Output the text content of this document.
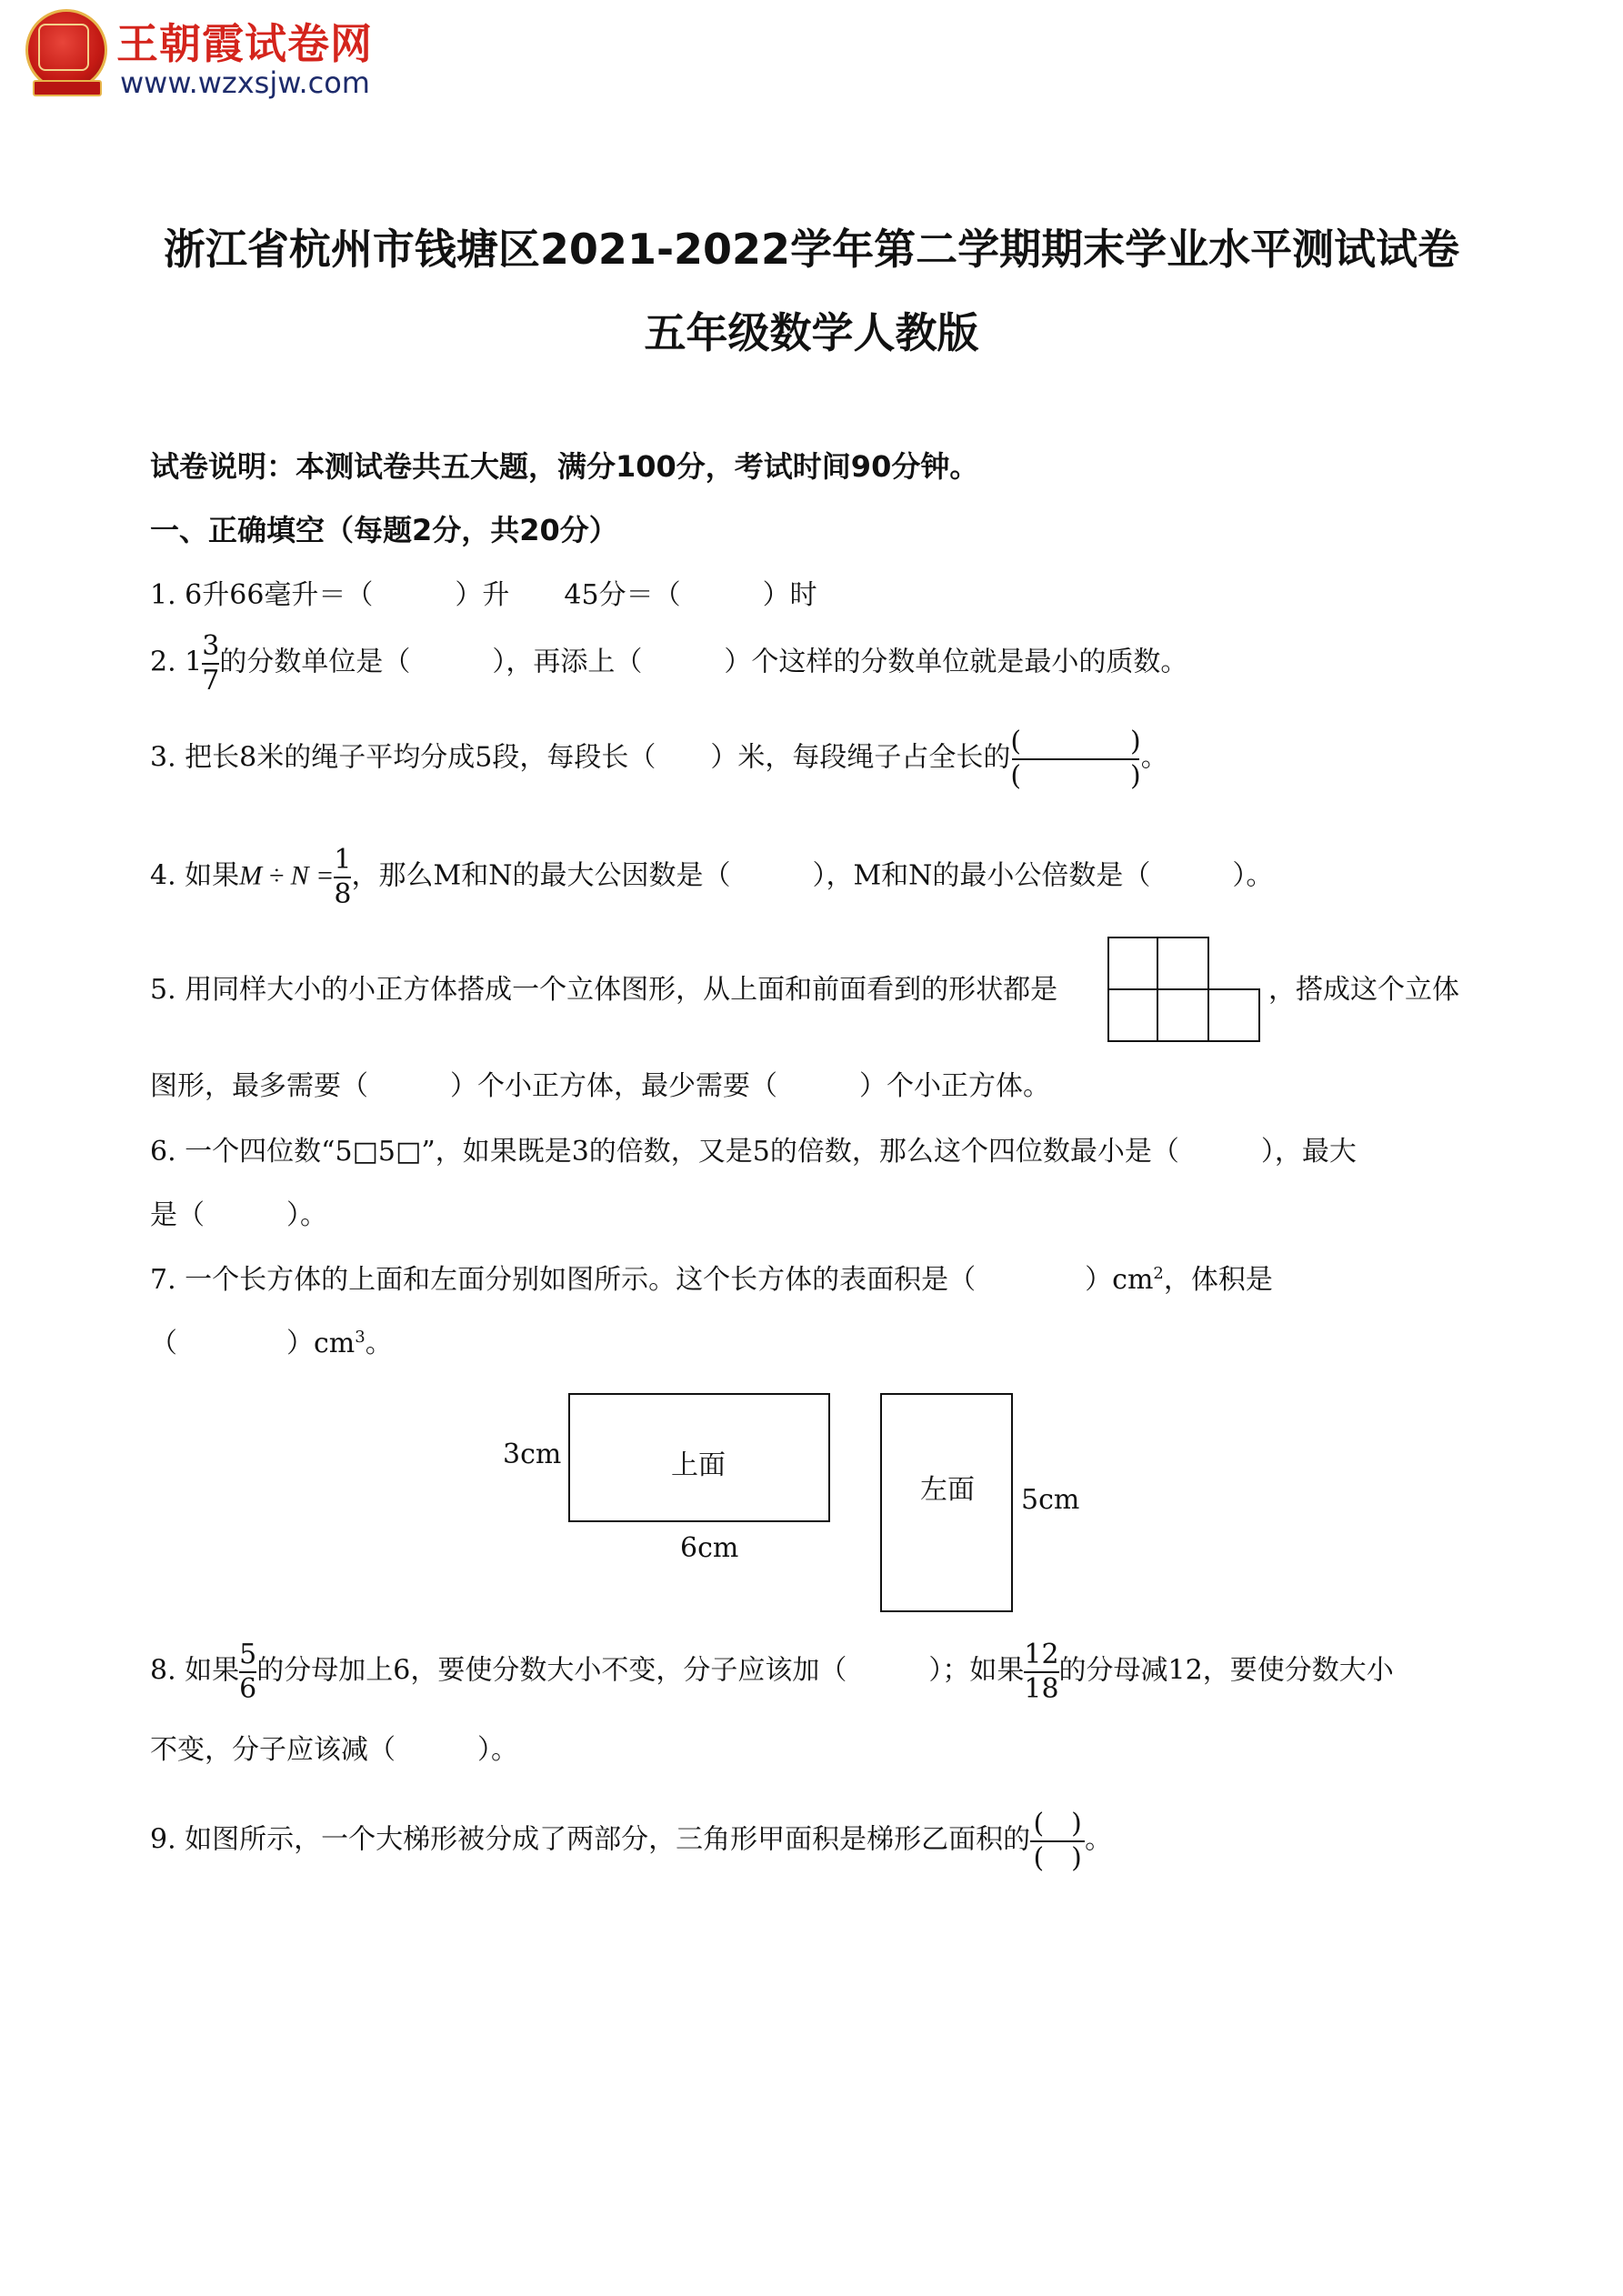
王朝霞试卷网
www.wzxsjw.com
浙江省杭州市钱塘区2021-2022学年第二学期期末学业水平测试试卷
五年级数学人教版
试卷说明：本测试卷共五大题，满分100分，考试时间90分钟。
一、正确填空（每题2分，共20分）
1. 6升66毫升＝（　　　）升　　45分＝（　　　）时
2. $1 \frac{3}{7}$ 的分数单位是（　　　），再添上（　　　）个这样的分数单位就是最小的质数。
3. 把长8米的绳子平均分成5段，每段长（　　）米，每段绳子占全长的 $\frac{( )}{( )}$ 。
4. 如果$M \div N = \frac{1}{8}$ ，那么M和N的最大公因数是（　　　），M和N的最小公倍数是（　　　）。
5. 用同样大小的小正方体搭成一个立体图形，从上面和前面看到的形状都是	，搭成这个立体
图形，最多需要（　　　）个小正方体，最少需要（　　　）个小正方体。
6. 一个四位数“5□5□”，如果既是3的倍数，又是5的倍数，那么这个四位数最小是（　　　），最大
是（　　　）。
7. 一个长方体的上面和左面分别如图所示。这个长方体的表面积是（　　　　）$cm^2$，体积是
（　　　　）$cm^3$。
上面
3cm
6cm
左面 5cm
8. 如果 $\frac{5}{6}$ 的分母加上6，要使分数大小不变，分子应该加（　　　）；如果 $\frac{12}{18}$ 的分母减12，要使分数大小
不变，分子应该减（　　　）。
9. 如图所示，一个大梯形被分成了两部分，三角形甲面积是梯形乙面积的 $\frac{( )}{( )}$ 。
